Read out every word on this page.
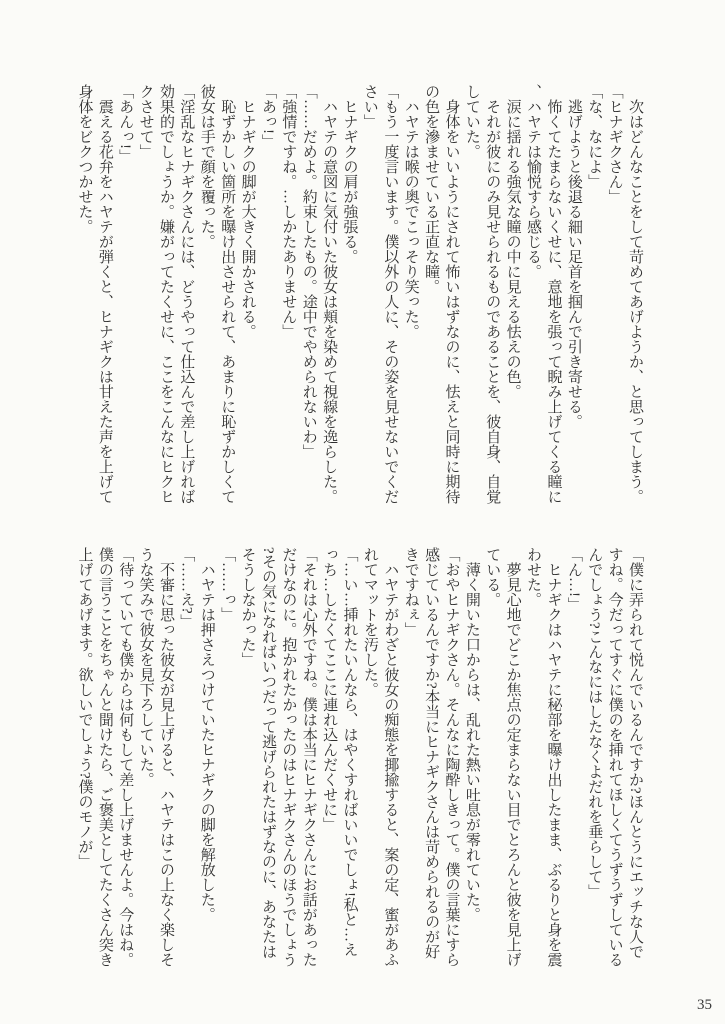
次はどんなことをして苛めてあげようか、と思ってしまう。

「ヒナギクさん」

「な、なによ」

逃げようと後退る細い足首を掴んで引き寄せる。

怖くてたまらないくせに、意地を張って睨み上げてくる瞳に、ハヤテは愉悦すら感じる。

涙に揺れる強気な瞳の中に見える怯えの色。

それが彼にのみ見せられるものであることを、彼自身、自覚していた。

身体をいいようにされて怖いはずなのに、怯えと同時に期待の色を滲ませている正直な瞳。

ハヤテは喉の奥でこっそり笑った。

「もう一度言います。僕以外の人に、その姿を見せないでください」

ヒナギクの肩が強張る。

ハヤテの意図に気付いた彼女は頬を染めて視線を逸らした。

「……だめよ。約束したもの。途中でやめられないわ」

「強情ですね。…しかたありません」

「あっ!」

ヒナギクの脚が大きく開かされる。

恥ずかしい箇所を曝け出させられて、あまりに恥ずかしくて彼女は手で顔を覆った。

「淫乱なヒナギクさんには、どうやって仕込んで差し上げれば効果的でしょうか。嫌がってたくせに、ここをこんなにヒクヒクさせて」

「あんっ!」

震える花弁をハヤテが弾くと、ヒナギクは甘えた声を上げて身体をビクつかせた。

「僕に弄られて悦んでいるんですか?ほんとうにエッチな人ですね。今だってすぐに僕のを挿れてほしくてうずうずしているんでしょう?こんなにはしたなくよだれを垂らして」

「ん…!」

ヒナギクはハヤテに秘部を曝け出したまま、ぶるりと身を震わせた。

夢見心地でどこか焦点の定まらない目でとろんと彼を見上げている。

薄く開いた口からは、乱れた熱い吐息が零れていた。

「おやヒナギクさん。そんなに陶酔しきって。僕の言葉にすら感じているんですか?本当にヒナギクさんは苛められるのが好きですねぇ」

ハヤテがわざと彼女の痴態を揶揄すると、案の定、蜜があふれてマットを汚した。

「…い…挿れたいんなら、はやくすればいいでしょ!私と…えっち…したくてここに連れ込んだくせに」

「それは心外ですね。僕は本当にヒナギクさんにお話があっただけなのに。抱かれたかったのはヒナギクさんのほうでしょう?その気になればいつだって逃げられたはずなのに、あなたはそうしなかった」

「……っ」

ハヤテは押さえつけていたヒナギクの脚を解放した。

「……え?」

不審に思った彼女が見上げると、ハヤテはこの上なく楽しそうな笑みで彼女を見下ろしていた。

「待っていても僕からは何もして差し上げませんよ。今はね。僕の言うことをちゃんと聞けたら、ご褒美としてたくさん突き上げてあげます。欲しいでしょう?僕のモノが」

35
